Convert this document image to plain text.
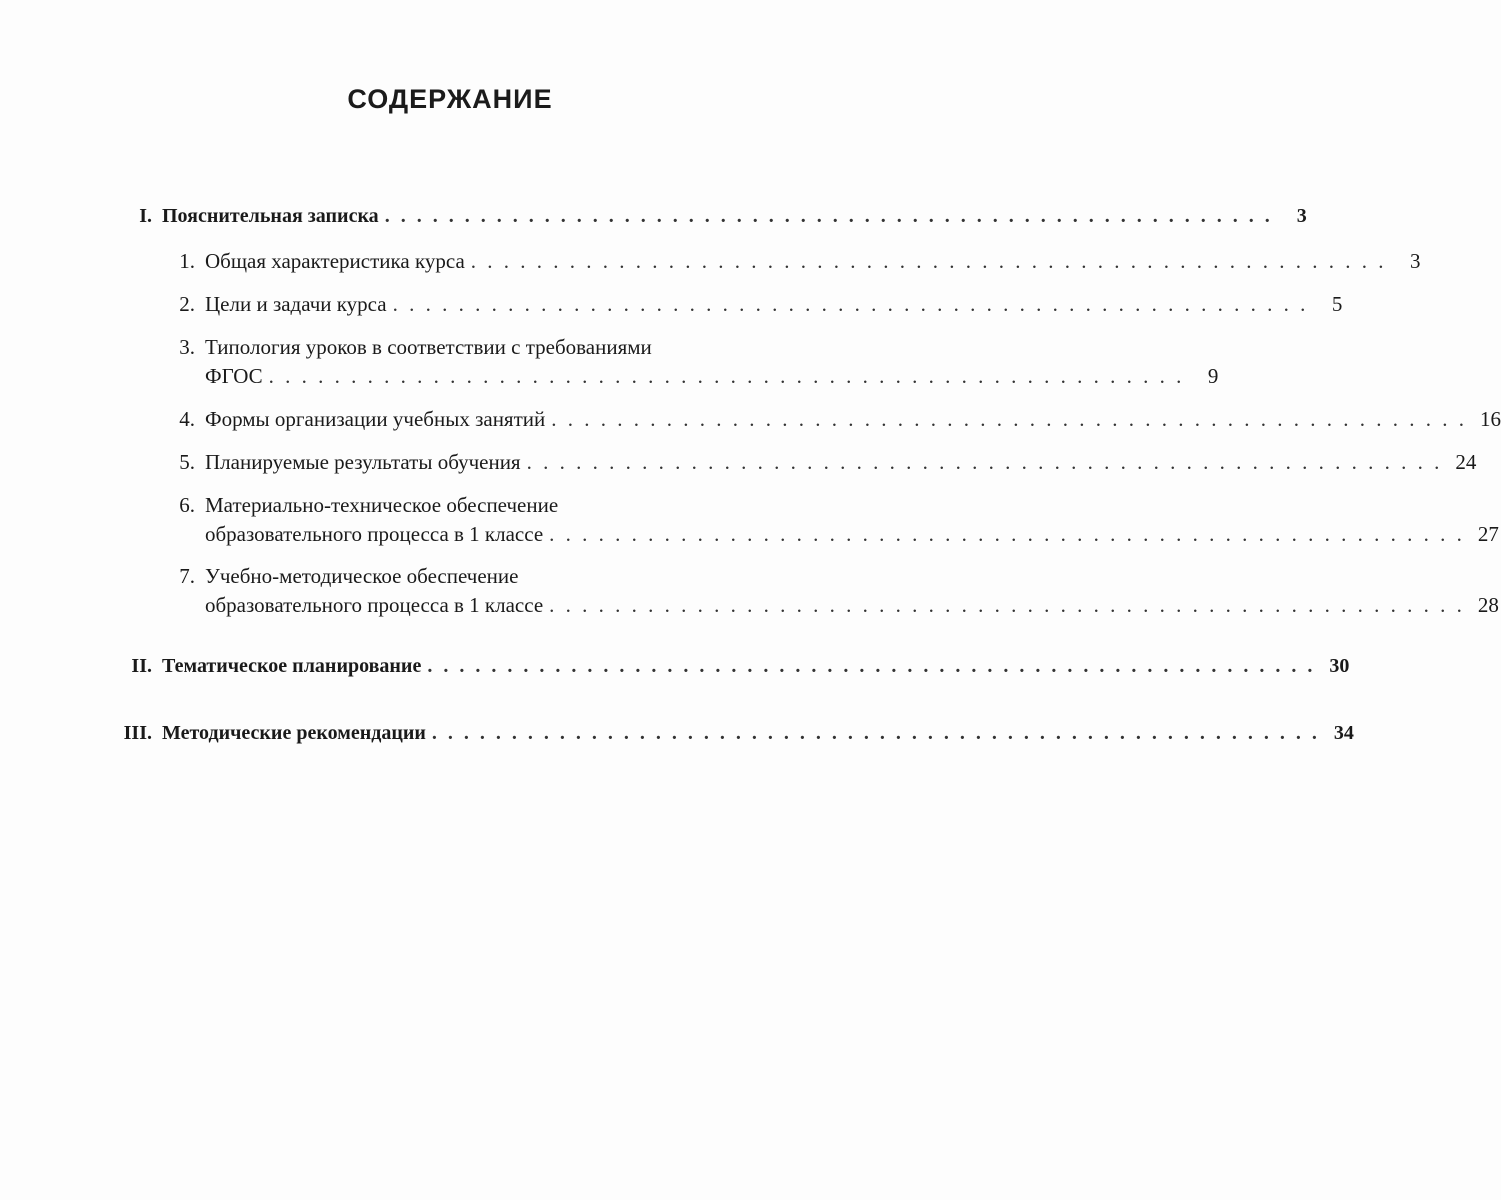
СОДЕРЖАНИЕ
I. Пояснительная записка . . . . . . . . . . . . . . . . . . . . . . . . . . . . . . . . . . . . . . . . . . . . . . . . . . . . . . . .	3
1. Общая характеристика курса . . . . . . . . . . . . . . . . . . . . . . . . . . . . . . . . . . . . . . . . . . . . . . . . . . . . . . . .	3
2. Цели и задачи курса . . . . . . . . . . . . . . . . . . . . . . . . . . . . . . . . . . . . . . . . . . . . . . . . . . . . . . . .	5
3. Типология уроков в соответствии с требованиями
ФГОС . . . . . . . . . . . . . . . . . . . . . . . . . . . . . . . . . . . . . . . . . . . . . . . . . . . . . . . .	9
4. Формы организации учебных занятий . . . . . . . . . . . . . . . . . . . . . . . . . . . . . . . . . . . . . . . . . . . . . . . . . . . . . . . . 16
5. Планируемые результаты обучения . . . . . . . . . . . . . . . . . . . . . . . . . . . . . . . . . . . . . . . . . . . . . . . . . . . . . . . . 24
6. Материально-техническое обеспечение
образовательного процесса в 1 классе . . . . . . . . . . . . . . . . . . . . . . . . . . . . . . . . . . . . . . . . . . . . . . . . . . . . . . . . 27
7. Учебно-методическое обеспечение
образовательного процесса в 1 классе . . . . . . . . . . . . . . . . . . . . . . . . . . . . . . . . . . . . . . . . . . . . . . . . . . . . . . . . 28
II. Тематическое планирование . . . . . . . . . . . . . . . . . . . . . . . . . . . . . . . . . . . . . . . . . . . . . . . . . . . . . . . . 30
III. Методические рекомендации . . . . . . . . . . . . . . . . . . . . . . . . . . . . . . . . . . . . . . . . . . . . . . . . . . . . . . . . 34
